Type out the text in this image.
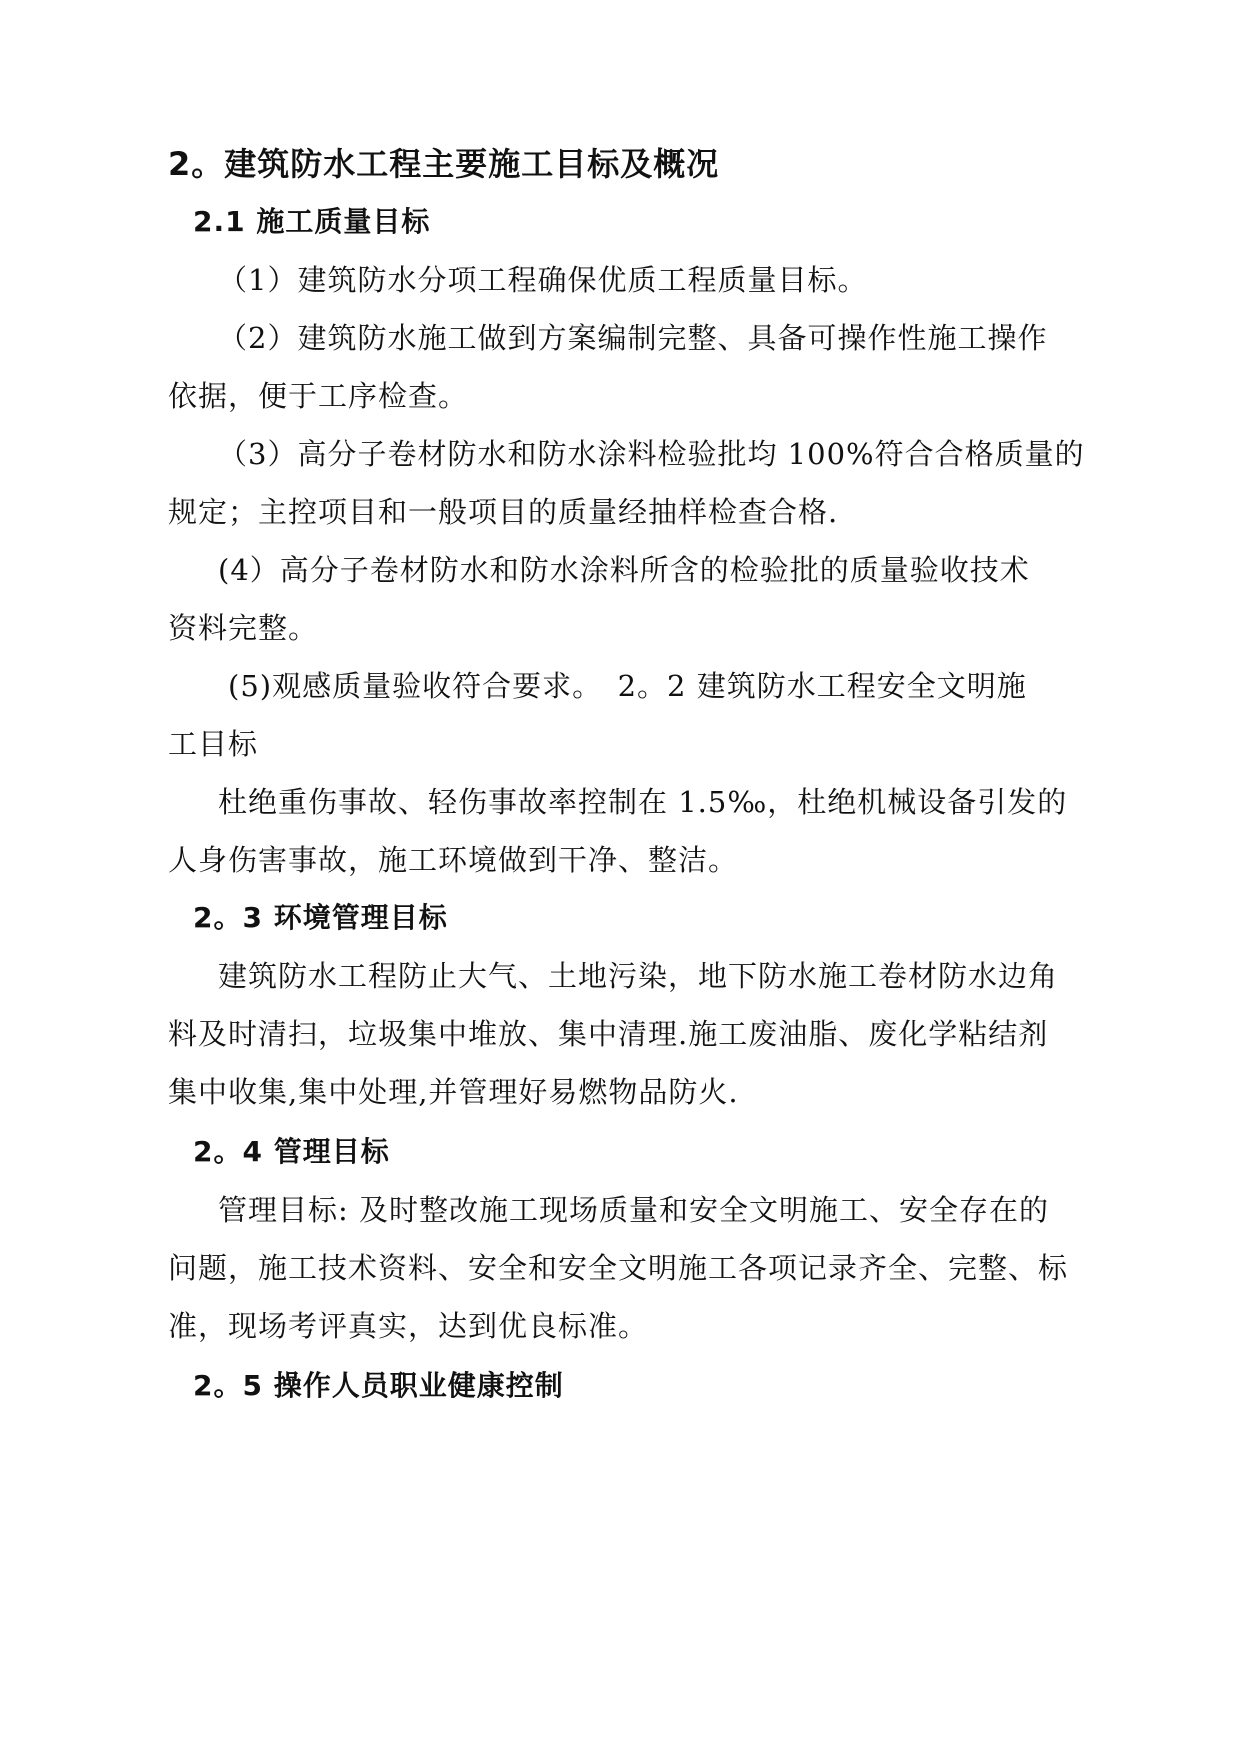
2。建筑防水工程主要施工目标及概况
2.1 施工质量目标
（1）建筑防水分项工程确保优质工程质量目标。
（2）建筑防水施工做到方案编制完整、具备可操作性施工操作
依据，便于工序检查。
（3）高分子卷材防水和防水涂料检验批均 100%符合合格质量的
规定；主控项目和一般项目的质量经抽样检查合格.
(4）高分子卷材防水和防水涂料所含的检验批的质量验收技术
资料完整。
(5)观感质量验收符合要求。　2。2 建筑防水工程安全文明施
工目标
杜绝重伤事故、轻伤事故率控制在 1.5‰，杜绝机械设备引发的
人身伤害事故，施工环境做到干净、整洁。
2。3 环境管理目标
建筑防水工程防止大气、土地污染，地下防水施工卷材防水边角
料及时清扫，垃圾集中堆放、集中清理.施工废油脂、废化学粘结剂
集中收集,集中处理,并管理好易燃物品防火.
2。4 管理目标
管理目标: 及时整改施工现场质量和安全文明施工、安全存在的
问题，施工技术资料、安全和安全文明施工各项记录齐全、完整、标
准，现场考评真实，达到优良标准。
2。5 操作人员职业健康控制
